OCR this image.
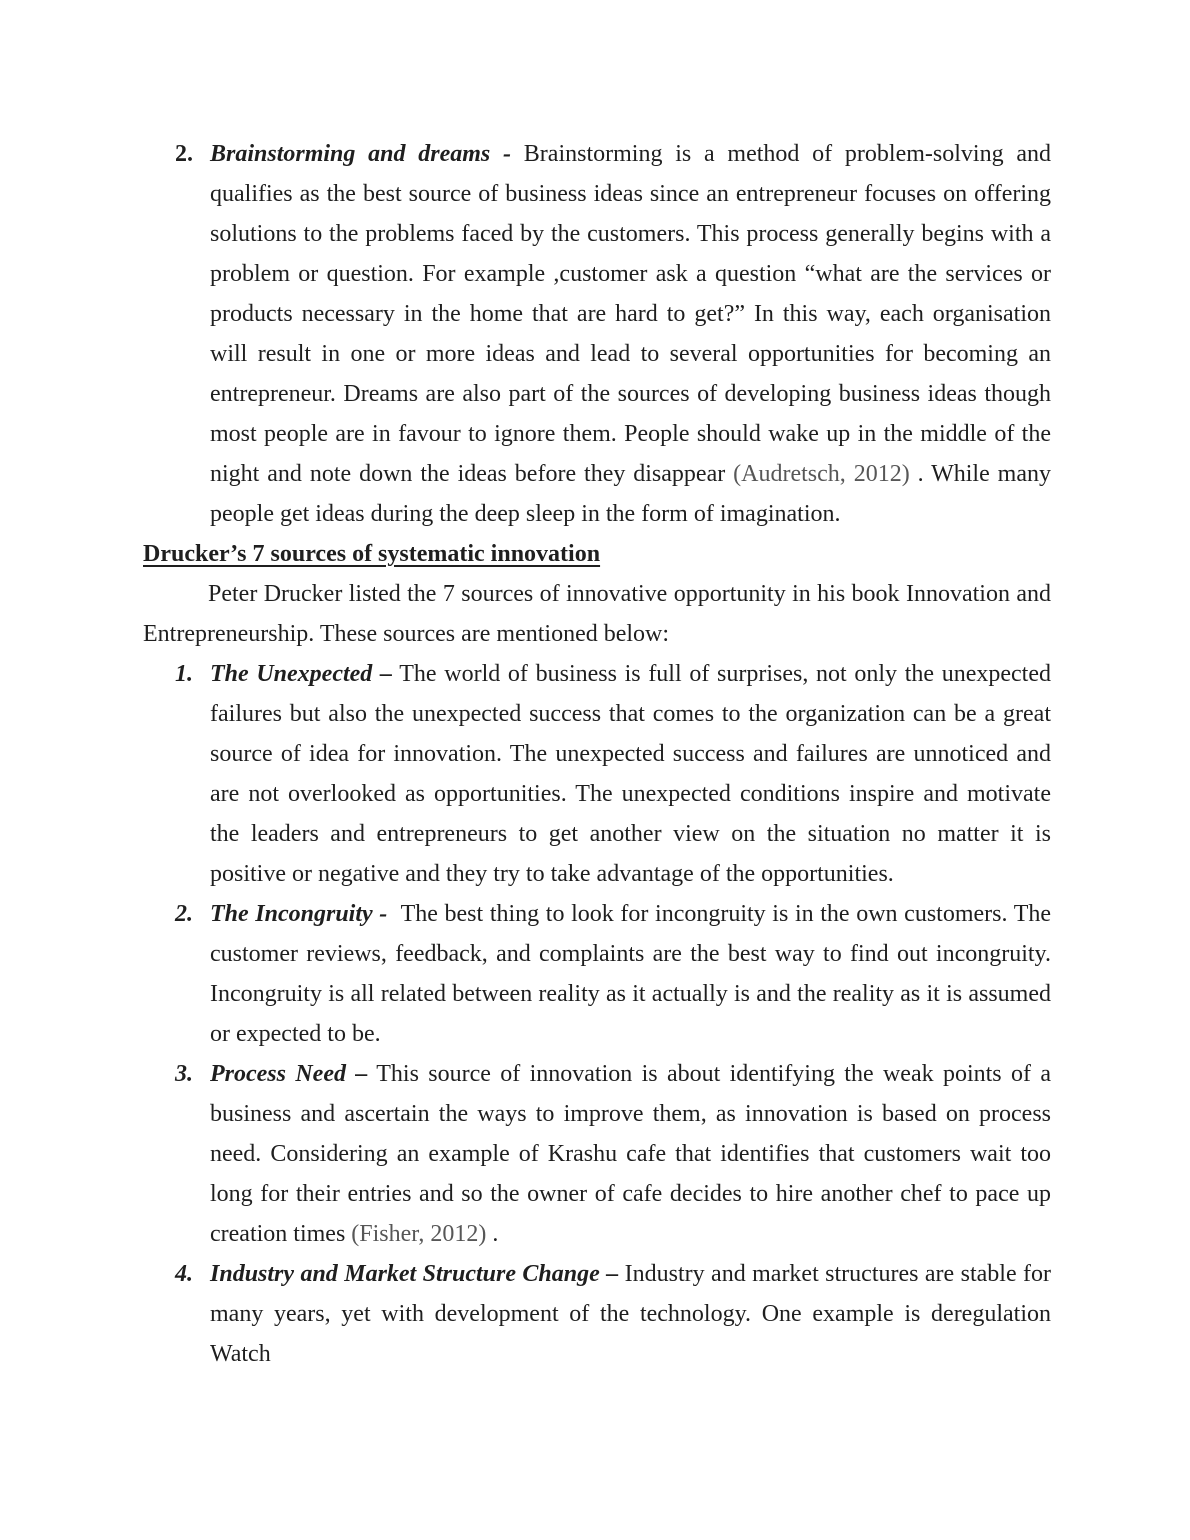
2. Brainstorming and dreams - Brainstorming is a method of problem-solving and qualifies as the best source of business ideas since an entrepreneur focuses on offering solutions to the problems faced by the customers. This process generally begins with a problem or question. For example ,customer ask a question “what are the services or products necessary in the home that are hard to get?” In this way, each organisation will result in one or more ideas and lead to several opportunities for becoming an entrepreneur. Dreams are also part of the sources of developing business ideas though most people are in favour to ignore them. People should wake up in the middle of the night and note down the ideas before they disappear (Audretsch, 2012) . While many people get ideas during the deep sleep in the form of imagination.

Drucker’s 7 sources of systematic innovation

Peter Drucker listed the 7 sources of innovative opportunity in his book Innovation and Entrepreneurship. These sources are mentioned below:

1. The Unexpected – The world of business is full of surprises, not only the unexpected failures but also the unexpected success that comes to the organization can be a great source of idea for innovation. The unexpected success and failures are unnoticed and are not overlooked as opportunities. The unexpected conditions inspire and motivate the leaders and entrepreneurs to get another view on the situation no matter it is positive or negative and they try to take advantage of the opportunities.

2. The Incongruity -  The best thing to look for incongruity is in the own customers. The customer reviews, feedback, and complaints are the best way to find out incongruity. Incongruity is all related between reality as it actually is and the reality as it is assumed or expected to be.

3. Process Need – This source of innovation is about identifying the weak points of a business and ascertain the ways to improve them, as innovation is based on process need. Considering an example of Krashu cafe that identifies that customers wait too long for their entries and so the owner of cafe decides to hire another chef to pace up creation times (Fisher, 2012) .

4. Industry and Market Structure Change – Industry and market structures are stable for many years, yet with development of the technology. One example is deregulation Watch
